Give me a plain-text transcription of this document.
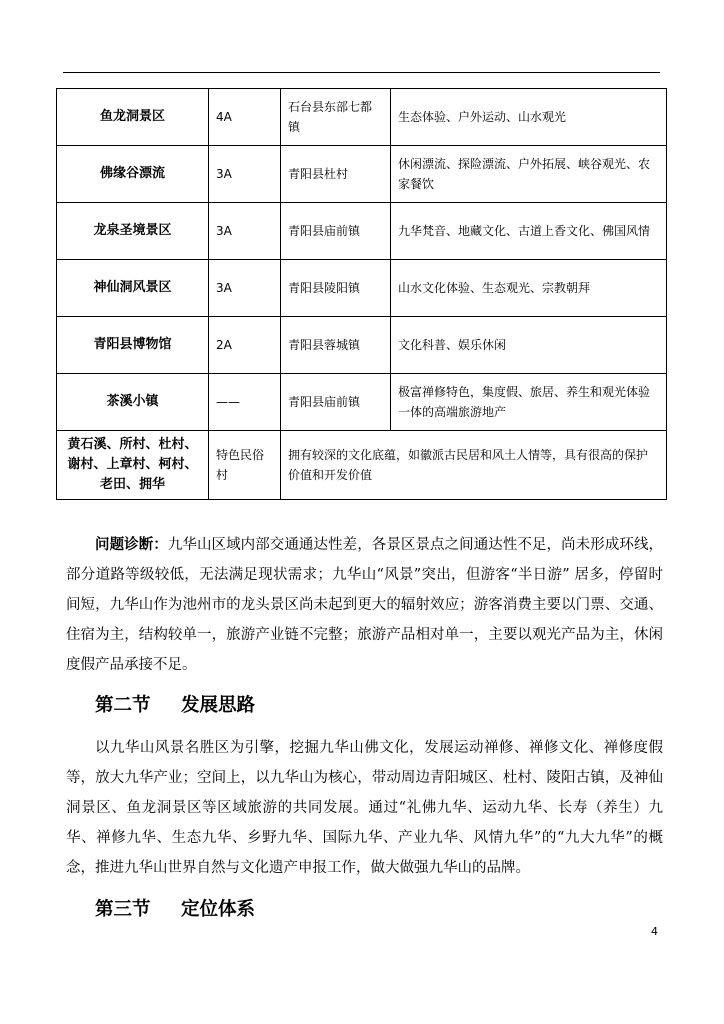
鱼龙洞景区	4A	石台县东部七都镇	生态体验、户外运动、山水观光
佛缘谷漂流	3A	青阳县杜村	休闲漂流、探险漂流、户外拓展、峡谷观光、农家餐饮
龙泉圣境景区	3A	青阳县庙前镇	九华梵音、地藏文化、古道上香文化、佛国风情
神仙洞风景区	3A	青阳县陵阳镇	山水文化体验、生态观光、宗教朝拜
青阳县博物馆	2A	青阳县蓉城镇	文化科普、娱乐休闲
茶溪小镇	——	青阳县庙前镇	极富禅修特色，集度假、旅居、养生和观光体验一体的高端旅游地产
黄石溪、所村、杜村、谢村、上章村、柯村、老田、拥华	特色民俗村	拥有较深的文化底蕴，如徽派古民居和风土人情等，具有很高的保护价值和开发价值	

问题诊断：九华山区域内部交通通达性差，各景区景点之间通达性不足，尚未形成环线，部分道路等级较低，无法满足现状需求；九华山“风景”突出，但游客“半日游” 居多，停留时间短，九华山作为池州市的龙头景区尚未起到更大的辐射效应；游客消费主要以门票、交通、住宿为主，结构较单一，旅游产业链不完整；旅游产品相对单一，主要以观光产品为主，休闲度假产品承接不足。

第二节 发展思路

以九华山风景名胜区为引擎，挖掘九华山佛文化，发展运动禅修、禅修文化、禅修度假等，放大九华产业；空间上，以九华山为核心，带动周边青阳城区、杜村、陵阳古镇，及神仙洞景区、鱼龙洞景区等区域旅游的共同发展。通过“礼佛九华、运动九华、长寿（养生）九华、禅修九华、生态九华、乡野九华、国际九华、产业九华、风情九华”的“九大九华”的概念，推进九华山世界自然与文化遗产申报工作，做大做强九华山的品牌。

第三节 定位体系
4
